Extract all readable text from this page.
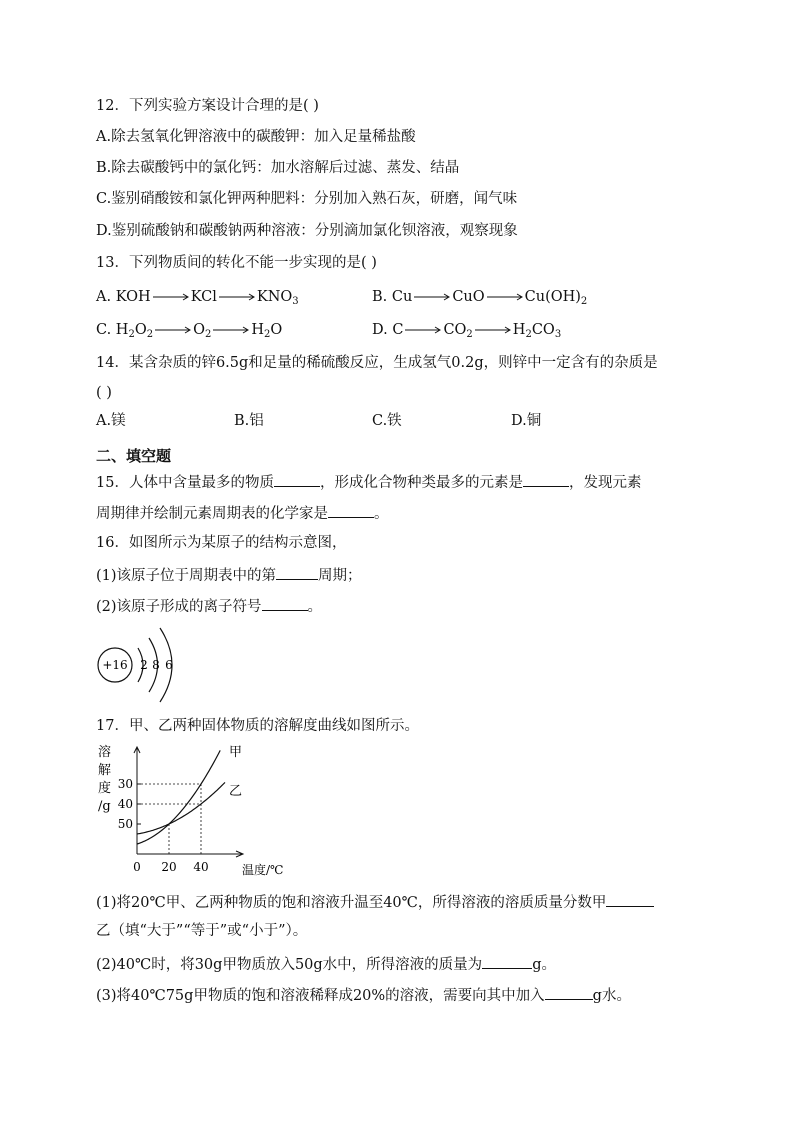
12．下列实验方案设计合理的是( )
A.除去氢氧化钾溶液中的碳酸钾：加入足量稀盐酸
B.除去碳酸钙中的氯化钙：加水溶解后过滤、蒸发、结晶
C.鉴别硝酸铵和氯化钾两种肥料：分别加入熟石灰，研磨，闻气味
D.鉴别硫酸钠和碳酸钠两种溶液：分别滴加氯化钡溶液，观察现象
13．下列物质间的转化不能一步实现的是( )
A. KOH	KCl	$KNO_3$	B. Cu	CuO	$Cu(OH)_2$
C. $H_2O_2$	$O_2$	$H_2O$	D. C	$CO_2$	$H_2CO_3$
14．某含杂质的锌6.5g和足量的稀硫酸反应，生成氢气0.2g，则锌中一定含有的杂质是
( )
A.镁	B.铝	C.铁	D.铜
二、填空题
15．人体中含量最多的物质	，形成化合物种类最多的元素是	，发现元素
周期律并绘制元素周期表的化学家是	。
16．如图所示为某原子的结构示意图，
(1)该原子位于周期表中的第	周期；
(2)该原子形成的离子符号	。
+16 2 8 6
17．甲、乙两种固体物质的溶解度曲线如图所示。
溶
解
度
/g
50
40
30
0 20 40	温度/℃
甲
乙
(1)将20℃甲、乙两种物质的饱和溶液升温至40℃，所得溶液的溶质质量分数甲
乙（填“大于”“等于”或“小于”）。
(2)40℃时，将30g甲物质放入50g水中，所得溶液的质量为	g。
(3)将40℃75g甲物质的饱和溶液稀释成20%的溶液，需要向其中加入	g水。
